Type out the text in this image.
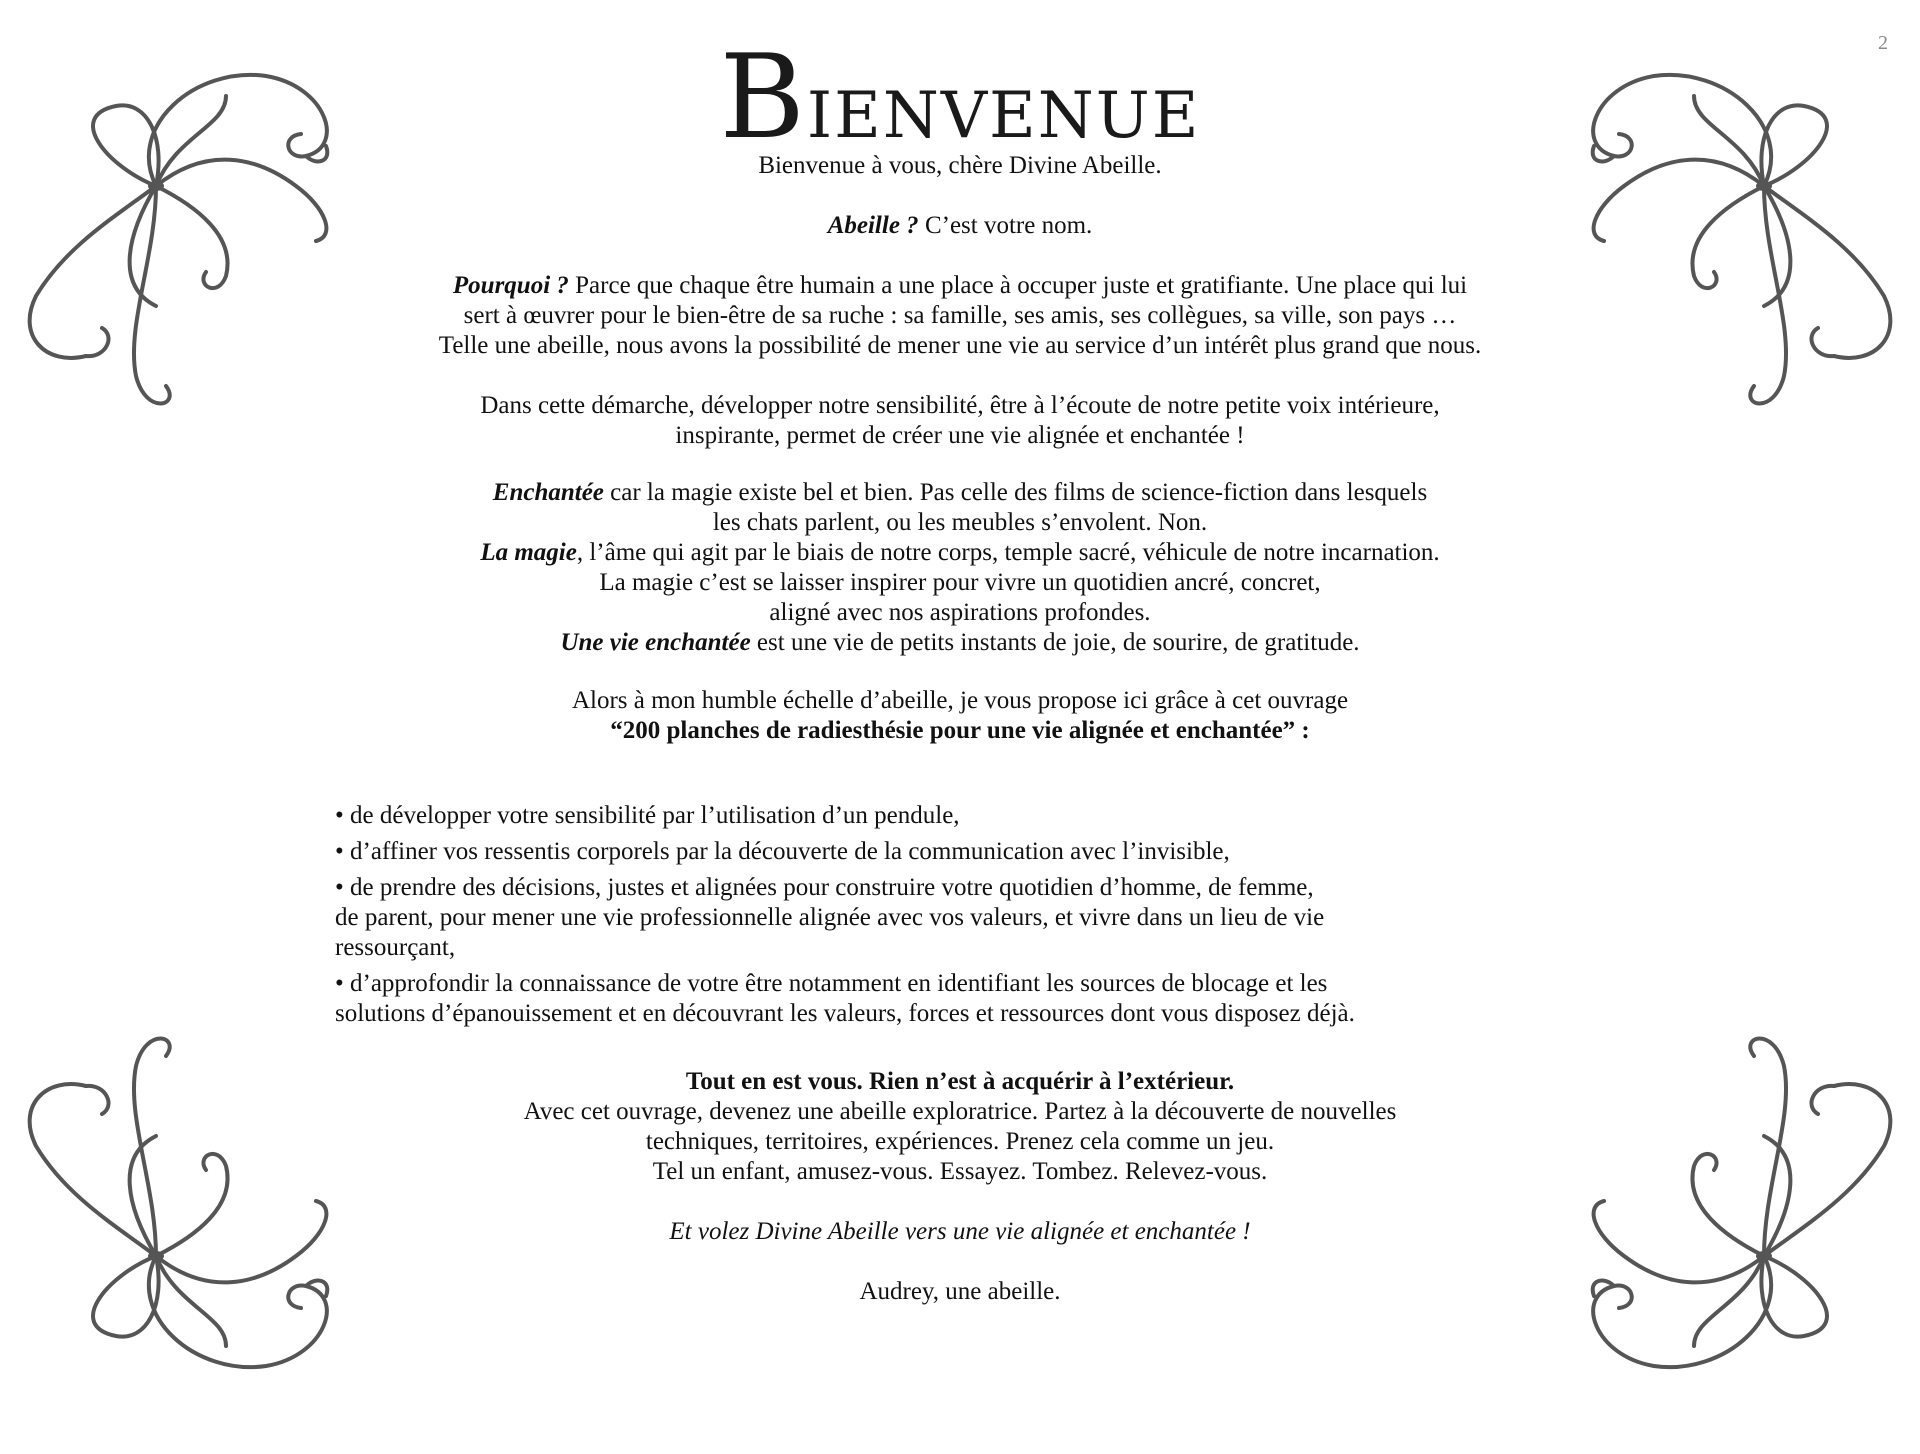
2
Bienvenue

Bienvenue à vous, chère Divine Abeille.

Abeille ? C’est votre nom.

Pourquoi ? Parce que chaque être humain a une place à occuper juste et gratifiante. Une place qui lui

sert à œuvrer pour le bien-être de sa ruche : sa famille, ses amis, ses collègues, sa ville, son pays …

Telle une abeille, nous avons la possibilité de mener une vie au service d’un intérêt plus grand que nous.

Dans cette démarche, développer notre sensibilité, être à l’écoute de notre petite voix intérieure,

inspirante, permet de créer une vie alignée et enchantée !

Enchantée car la magie existe bel et bien. Pas celle des films de science-fiction dans lesquels

les chats parlent, ou les meubles s’envolent. Non.

La magie, l’âme qui agit par le biais de notre corps, temple sacré, véhicule de notre incarnation.

La magie c’est se laisser inspirer pour vivre un quotidien ancré, concret,

aligné avec nos aspirations profondes.

Une vie enchantée est une vie de petits instants de joie, de sourire, de gratitude.

Alors à mon humble échelle d’abeille, je vous propose ici grâce à cet ouvrage

“200 planches de radiesthésie pour une vie alignée et enchantée” :

• de développer votre sensibilité par l’utilisation d’un pendule,

• d’affiner vos ressentis corporels par la découverte de la communication avec l’invisible,

• de prendre des décisions, justes et alignées pour construire votre quotidien d’homme, de femme,
de parent, pour mener une vie professionnelle alignée avec vos valeurs, et vivre dans un lieu de vie
ressourçant,

• d’approfondir la connaissance de votre être notamment en identifiant les sources de blocage et les
solutions d’épanouissement et en découvrant les valeurs, forces et ressources dont vous disposez déjà.

Tout en est vous. Rien n’est à acquérir à l’extérieur.

Avec cet ouvrage, devenez une abeille exploratrice. Partez à la découverte de nouvelles

techniques, territoires, expériences. Prenez cela comme un jeu.

Tel un enfant, amusez-vous. Essayez. Tombez. Relevez-vous.

Et volez Divine Abeille vers une vie alignée et enchantée !

Audrey, une abeille.
